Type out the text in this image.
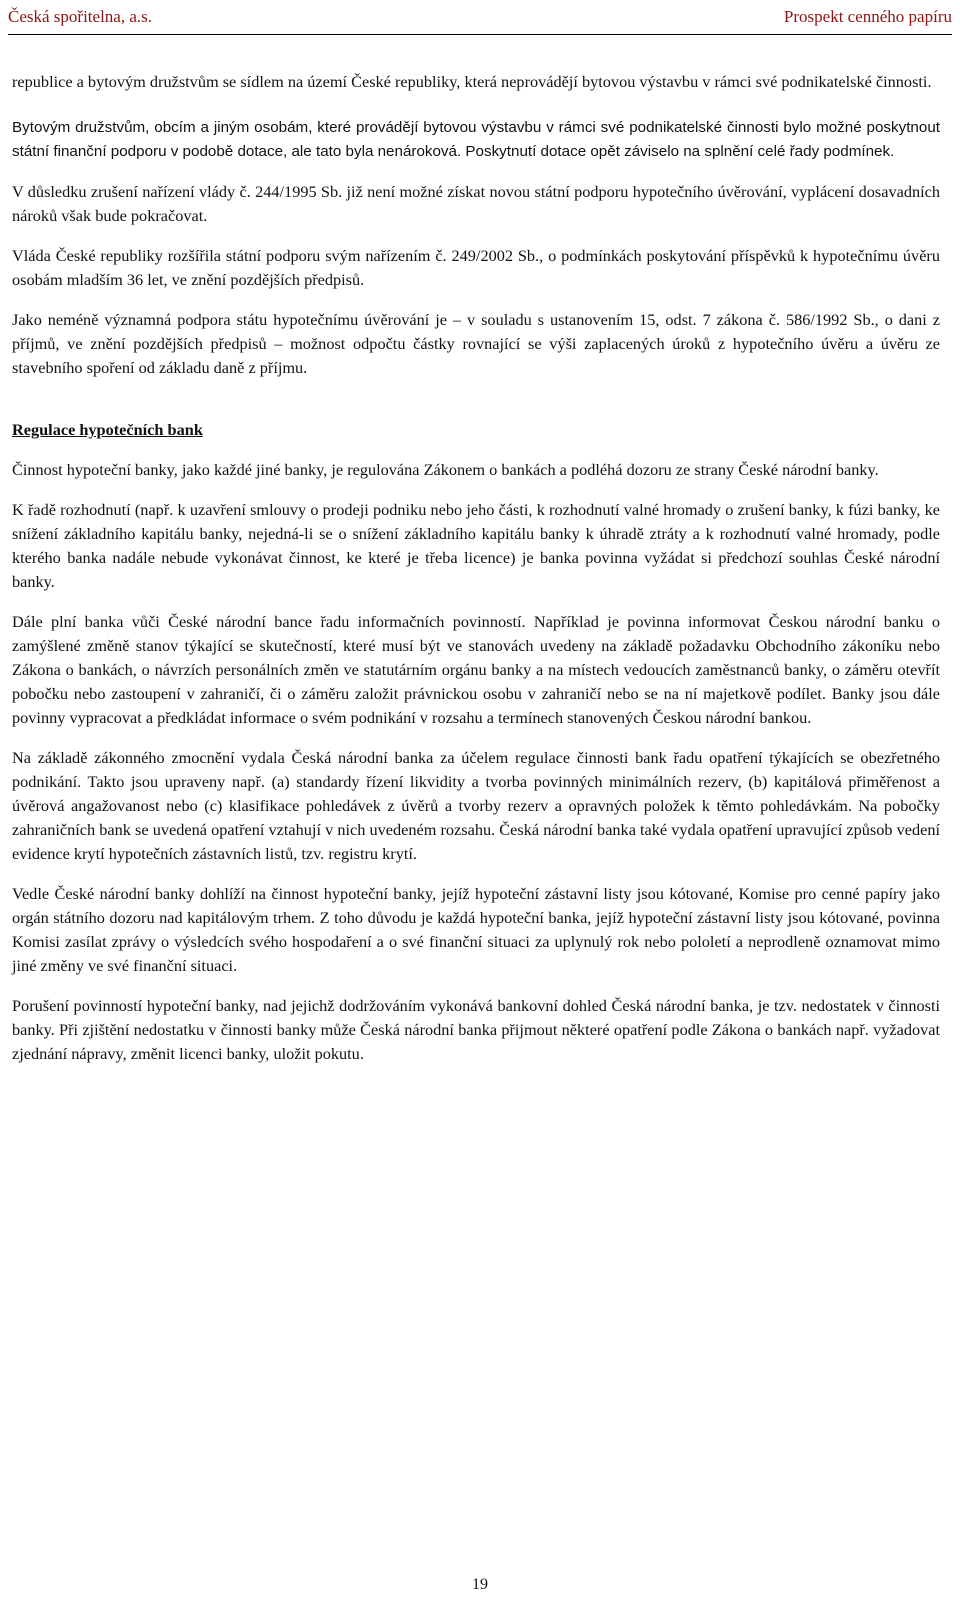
Česká spořitelna, a.s.	Prospekt cenného papíru

republice a bytovým družstvům se sídlem na území České republiky, která neprovádějí bytovou výstavbu v rámci své podnikatelské činnosti.

Bytovým družstvům, obcím a jiným osobám, které provádějí bytovou výstavbu v rámci své podnikatelské činnosti bylo možné poskytnout státní finanční podporu v podobě dotace, ale tato byla nenároková. Poskytnutí dotace opět záviselo na splnění celé řady podmínek.

V důsledku zrušení nařízení vlády č. 244/1995 Sb. již není možné získat novou státní podporu hypotečního úvěrování, vyplácení dosavadních nároků však bude pokračovat.

Vláda České republiky rozšířila státní podporu svým nařízením č. 249/2002 Sb., o podmínkách poskytování příspěvků k hypotečnímu úvěru osobám mladším 36 let, ve znění pozdějších předpisů.

Jako neméně významná podpora státu hypotečnímu úvěrování je – v souladu s ustanovením 15, odst. 7 zákona č. 586/1992 Sb., o dani z příjmů, ve znění pozdějších předpisů – možnost odpočtu částky rovnající se výši zaplacených úroků z hypotečního úvěru a úvěru ze stavebního spoření od základu daně z příjmu.

Regulace hypotečních bank

Činnost hypoteční banky, jako každé jiné banky, je regulována Zákonem o bankách a podléhá dozoru ze strany České národní banky.

K řadě rozhodnutí (např. k uzavření smlouvy o prodeji podniku nebo jeho části, k rozhodnutí valné hromady o zrušení banky, k fúzi banky, ke snížení základního kapitálu banky, nejedná-li se o snížení základního kapitálu banky k úhradě ztráty a k rozhodnutí valné hromady, podle kterého banka nadále nebude vykonávat činnost, ke které je třeba licence) je banka povinna vyžádat si předchozí souhlas České národní banky.

Dále plní banka vůči České národní bance řadu informačních povinností. Například je povinna informovat Českou národní banku o zamýšlené změně stanov týkající se skutečností, které musí být ve stanovách uvedeny na základě požadavku Obchodního zákoníku nebo Zákona o bankách, o návrzích personálních změn ve statutárním orgánu banky a na místech vedoucích zaměstnanců banky, o záměru otevřít pobočku nebo zastoupení v zahraničí, či o záměru založit právnickou osobu v zahraničí nebo se na ní majetkově podílet. Banky jsou dále povinny vypracovat a předkládat informace o svém podnikání v rozsahu a termínech stanovených Českou národní bankou.

Na základě zákonného zmocnění vydala Česká národní banka za účelem regulace činnosti bank řadu opatření týkajících se obezřetného podnikání. Takto jsou upraveny např. (a) standardy řízení likvidity a tvorba povinných minimálních rezerv, (b) kapitálová přiměřenost a úvěrová angažovanost nebo (c) klasifikace pohledávek z úvěrů a tvorby rezerv a opravných položek k těmto pohledávkám. Na pobočky zahraničních bank se uvedená opatření vztahují v nich uvedeném rozsahu. Česká národní banka také vydala opatření upravující způsob vedení evidence krytí hypotečních zástavních listů, tzv. registru krytí.

Vedle České národní banky dohlíží na činnost hypoteční banky, jejíž hypoteční zástavní listy jsou kótované, Komise pro cenné papíry jako orgán státního dozoru nad kapitálovým trhem. Z toho důvodu je každá hypoteční banka, jejíž hypoteční zástavní listy jsou kótované, povinna Komisi zasílat zprávy o výsledcích svého hospodaření a o své finanční situaci za uplynulý rok nebo pololetí a neprodleně oznamovat mimo jiné změny ve své finanční situaci.

Porušení povinností hypoteční banky, nad jejichž dodržováním vykonává bankovní dohled Česká národní banka, je tzv. nedostatek v činnosti banky. Při zjištění nedostatku v činnosti banky může Česká národní banka přijmout některé opatření podle Zákona o bankách např. vyžadovat zjednání nápravy, změnit licenci banky, uložit pokutu.

19
